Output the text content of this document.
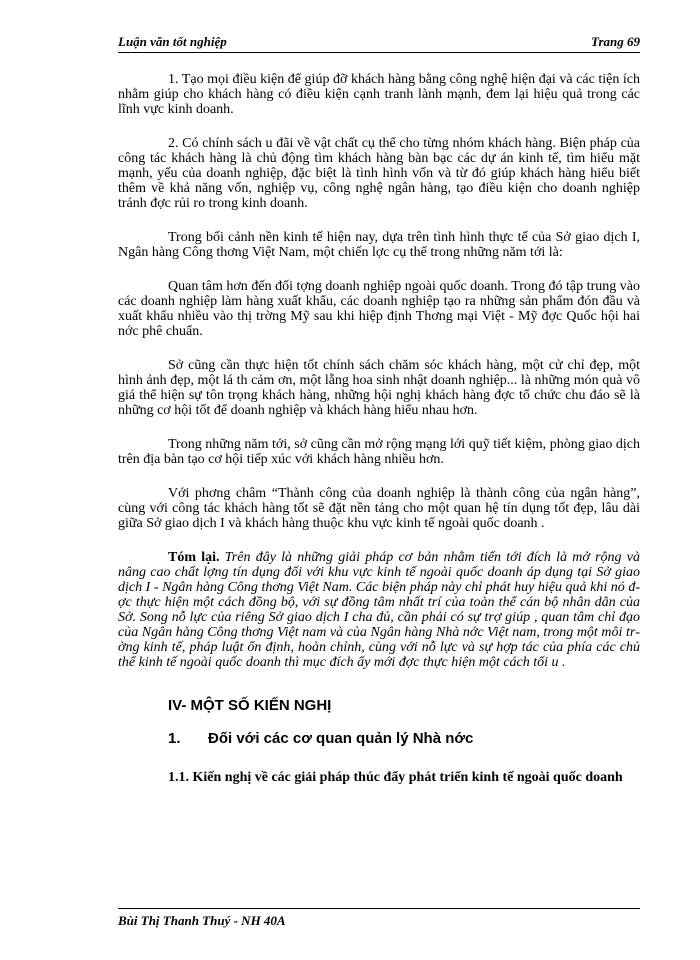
Luận văn tốt nghiệp	Trang 69

1. Tạo mọi điều kiện để giúp đỡ khách hàng bằng công nghệ hiện đại và các tiện ích nhằm giúp cho khách hàng có điều kiện cạnh tranh lành mạnh, đem lại hiệu quả trong các lĩnh vực kinh doanh.

2. Có chính sách u đãi về vật chất cụ thể cho từng nhóm khách hàng. Biện pháp của công tác khách hàng là chủ động tìm khách hàng bàn bạc các dự án kinh tế, tìm hiểu mặt mạnh, yếu của doanh nghiệp, đặc biệt là tình hình vốn và từ đó giúp khách hàng hiểu biết thêm về khả năng vốn, nghiệp vụ, công nghệ ngân hàng, tạo điều kiện cho doanh nghiệp tránh đợc rủi ro trong kinh doanh.

Trong bối cảnh nền kinh tế hiện nay, dựa trên tình hình thực tế của Sở giao dịch I, Ngân hàng Công thơng Việt Nam, một chiến lợc cụ thể trong những năm tới là:

Quan tâm hơn đến đối tợng doanh nghiệp ngoài quốc doanh. Trong đó tập trung vào các doanh nghiệp làm hàng xuất khẩu, các doanh nghiệp tạo ra những sản phẩm đón đầu và xuất khẩu nhiều vào thị trờng Mỹ sau khi hiệp định Thơng mại Việt - Mỹ đợc Quốc hội hai nớc phê chuẩn.

Sở cũng cần thực hiện tốt chính sách chăm sóc khách hàng, một cử chỉ đẹp, một hình ảnh đẹp, một lá th cảm ơn, một lẵng hoa sinh nhật doanh nghiệp... là những món quà vô giá thể hiện sự tôn trọng khách hàng, những hội nghị khách hàng đợc tổ chức chu đáo sẽ là những cơ hội tốt để doanh nghiệp và khách hàng hiểu nhau hơn.

Trong những năm tới, sở cũng cần mở rộng mạng lới quỹ tiết kiệm, phòng giao dịch trên địa bàn tạo cơ hội tiếp xúc với khách hàng nhiều hơn.

Với phơng châm “Thành công của doanh nghiệp là thành công của ngân hàng”, cùng với công tác khách hàng tốt sẽ đặt nền tảng cho một quan hệ tín dụng tốt đẹp, lâu dài giữa Sở giao dịch I và khách hàng thuộc khu vực kinh tế ngoài quốc doanh .

Tóm lại. Trên đây là những giải pháp cơ bản nhằm tiến tới đích là mở rộng và nâng cao chất lợng tín dụng đối với khu vực kinh tế ngoài quốc doanh áp dụng tại Sở giao dịch I - Ngân hàng Công thơng Việt Nam. Các biện pháp này chỉ phát huy hiệu quả khi nó đợc thực hiện một cách đồng bộ, với sự đồng tâm nhất trí của toàn thể cán bộ nhân dân của Sở. Song nỗ lực của riêng Sở giao dịch I cha đủ, cần phải có sự trợ giúp , quan tâm chỉ đạo của Ngân hàng Công thơng Việt nam và của Ngân hàng Nhà nớc Việt nam, trong một môi trờng kinh tế, pháp luật ổn định, hoàn chỉnh, cùng với nỗ lực và sự hợp tác của phía các chủ thể kinh tế ngoài quốc doanh thì mục đích ấy mới đợc thực hiện một cách tối u .

IV- MỘT SỐ KIẾN NGHỊ
1.	Đối với các cơ quan quản lý Nhà nớc

1.1. Kiến nghị về các giải pháp thúc đẩy phát triển kinh tế ngoài quốc doanh

Bùi Thị Thanh Thuý - NH 40A
